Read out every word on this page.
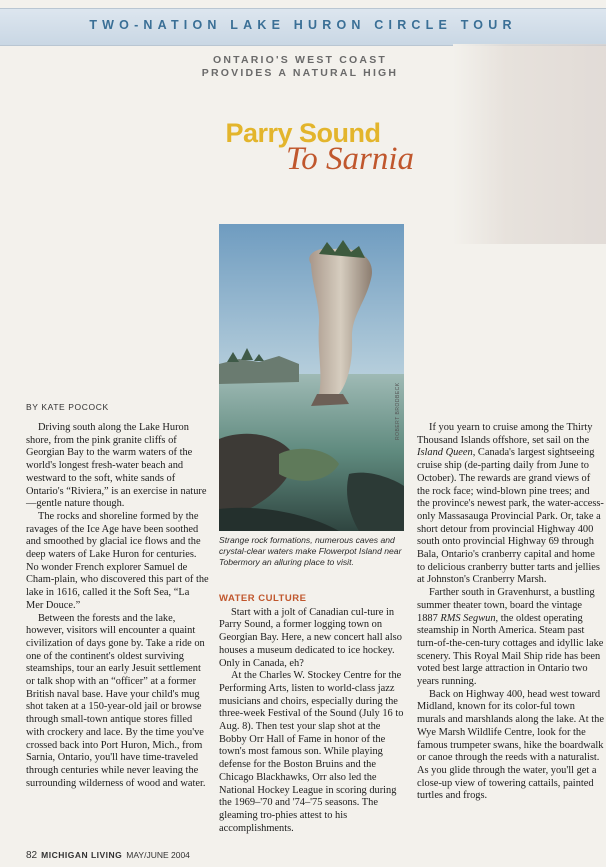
TWO-NATION LAKE HURON CIRCLE TOUR
ONTARIO'S WEST COAST
PROVIDES A NATURAL HIGH
Parry Sound
To Sarnia
ROBERT BRODBECK
Strange rock formations, numerous caves and crystal-clear waters make Flowerpot Island near Tobermory an alluring place to visit.
BY KATE POCOCK

Driving south along the Lake Huron shore, from the pink granite cliffs of Georgian Bay to the warm waters of the world's longest fresh-water beach and westward to the soft, white sands of Ontario's “Riviera,” is an exercise in nature—gentle nature though.

The rocks and shoreline formed by the ravages of the Ice Age have been soothed and smoothed by glacial ice flows and the deep waters of Lake Huron for centuries. No wonder French explorer Samuel de Cham-plain, who discovered this part of the lake in 1616, called it the Soft Sea, “La Mer Douce.”

Between the forests and the lake, however, visitors will encounter a quaint civilization of days gone by. Take a ride on one of the continent's oldest surviving steamships, tour an early Jesuit settlement or talk shop with an “officer” at a former British naval base. Have your child's mug shot taken at a 150-year-old jail or browse through small-town antique stores filled with crockery and lace. By the time you've crossed back into Port Huron, Mich., from Sarnia, Ontario, you'll have time-traveled through centuries while never leaving the surrounding wilderness of wood and water.

WATER CULTURE

Start with a jolt of Canadian cul-ture in Parry Sound, a former logging town on Georgian Bay. Here, a new concert hall also houses a museum dedicated to ice hockey. Only in Canada, eh?

At the Charles W. Stockey Centre for the Performing Arts, listen to world-class jazz musicians and choirs, especially during the three-week Festival of the Sound (July 16 to Aug. 8). Then test your slap shot at the Bobby Orr Hall of Fame in honor of the town's most famous son. While playing defense for the Boston Bruins and the Chicago Blackhawks, Orr also led the National Hockey League in scoring during the 1969–'70 and '74–'75 seasons. The gleaming tro-phies attest to his accomplishments.

If you yearn to cruise among the Thirty Thousand Islands offshore, set sail on the Island Queen, Canada's largest sightseeing cruise ship (de-parting daily from June to October). The rewards are grand views of the rock face; wind-blown pine trees; and the province's newest park, the water-access-only Massasauga Provincial Park. Or, take a short detour from provincial Highway 400 south onto provincial Highway 69 through Bala, Ontario's cranberry capital and home to delicious cranberry butter tarts and jellies at Johnston's Cranberry Marsh.

Farther south in Gravenhurst, a bustling summer theater town, board the vintage 1887 RMS Segwun, the oldest operating steamship in North America. Steam past turn-of-the-cen-tury cottages and idyllic lake scenery. This Royal Mail Ship ride has been voted best large attraction in Ontario two years running.

Back on Highway 400, head west toward Midland, known for its color-ful town murals and marshlands along the lake. At the Wye Marsh Wildlife Centre, look for the famous trumpeter swans, hike the boardwalk or canoe through the reeds with a naturalist. As you glide through the water, you'll get a close-up view of towering cattails, painted turtles and frogs.

82 MICHIGAN LIVING MAY/JUNE 2004
